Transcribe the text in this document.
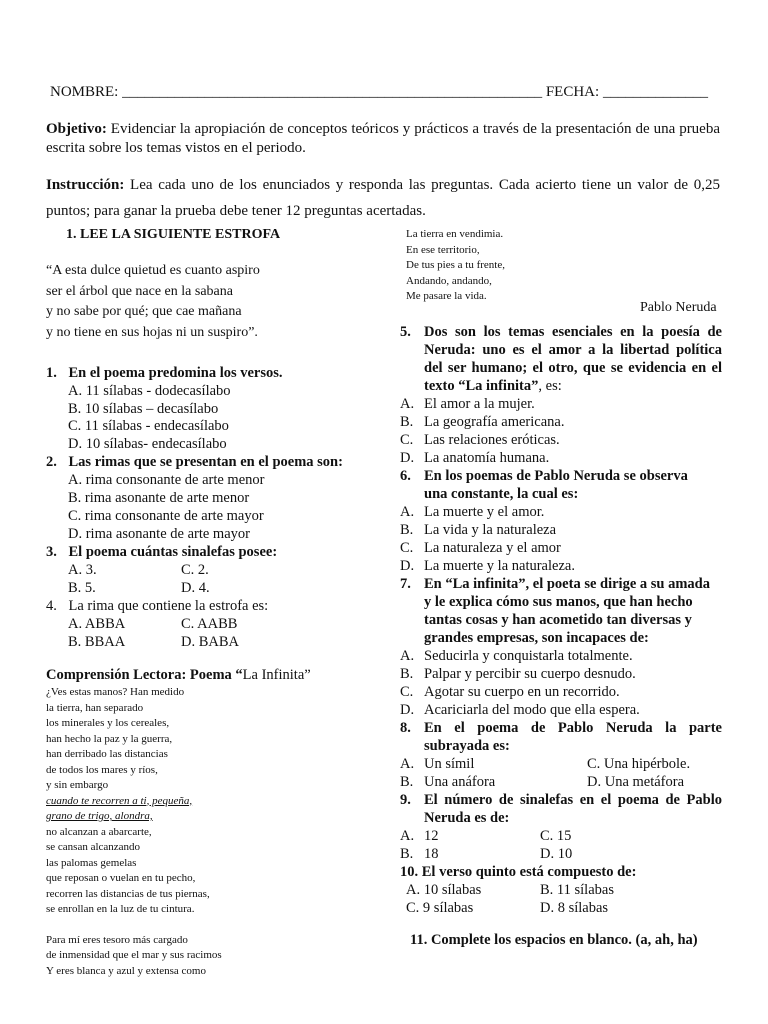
NOMBRE: ________________________________________________________ FECHA: ______________
Objetivo: Evidenciar la apropiación de conceptos teóricos y prácticos a través de la presentación de una prueba escrita sobre los temas vistos en el periodo.
Instrucción: Lea cada uno de los enunciados y responda las preguntas. Cada acierto tiene un valor de 0,25 puntos; para ganar la prueba debe tener 12 preguntas acertadas.
1. LEE LA SIGUIENTE ESTROFA
“A esta dulce quietud es cuanto aspiro
ser el árbol que nace en la sabana
y no sabe por qué; que cae mañana
y no tiene en sus hojas ni un suspiro”.
1. En el poema predomina los versos.
A. 11 sílabas - dodecasílabo
B. 10 sílabas – decasílabo
C. 11 sílabas - endecasílabo
D. 10 sílabas- endecasílabo
2. Las rimas que se presentan en el poema son:
A. rima consonante de arte menor
B. rima asonante de arte menor
C. rima consonante de arte mayor
D. rima asonante de arte mayor
3. El poema cuántas sinalefas posee:
A. 3.	C. 2.
B. 5.	D. 4.
4. La rima que contiene la estrofa es:
A. ABBA	C. AABB
B. BBAA	D. BABA
Comprensión Lectora: Poema “La Infinita”
¿Ves estas manos? Han medido
la tierra, han separado
los minerales y los cereales,
han hecho la paz y la guerra,
han derribado las distancias
de todos los mares y ríos,
y sin embargo
cuando te recorren a ti, pequeña,
grano de trigo, alondra,
no alcanzan a abarcarte,
se cansan alcanzando
las palomas gemelas
que reposan o vuelan en tu pecho,
recorren las distancias de tus piernas,
se enrollan en la luz de tu cintura.
Para mí eres tesoro más cargado
de inmensidad que el mar y sus racimos
Y eres blanca y azul y extensa como
La tierra en vendimia.
En ese territorio,
De tus pies a tu frente,
Andando, andando,
Me pasare la vida.
Pablo Neruda
5. Dos son los temas esenciales en la poesía de
Neruda: uno es el amor a la libertad política
del ser humano; el otro, que se evidencia en el
texto “La infinita”, es:
A. El amor a la mujer.
B. La geografía americana.
C. Las relaciones eróticas.
D. La anatomía humana.
6. En los poemas de Pablo Neruda se observa
una constante, la cual es:
A. La muerte y el amor.
B. La vida y la naturaleza
C. La naturaleza y el amor
D. La muerte y la naturaleza.
7. En “La infinita”, el poeta se dirige a su amada
y le explica cómo sus manos, que han hecho
tantas cosas y han acometido tan diversas y
grandes empresas, son incapaces de:
A. Seducirla y conquistarla totalmente.
B. Palpar y percibir su cuerpo desnudo.
C. Agotar su cuerpo en un recorrido.
D. Acariciarla del modo que ella espera.
8. En el poema de Pablo Neruda la parte
subrayada es:
A. Un símil	C. Una hipérbole.
B. Una anáfora	D. Una metáfora
9. El número de sinalefas en el poema de Pablo
Neruda es de:
A. 12	C. 15
B. 18	D. 10
10. El verso quinto está compuesto de:
A. 10 sílabas	B. 11 sílabas
C. 9 sílabas	D. 8 sílabas
11. Complete los espacios en blanco. (a, ah, ha)
